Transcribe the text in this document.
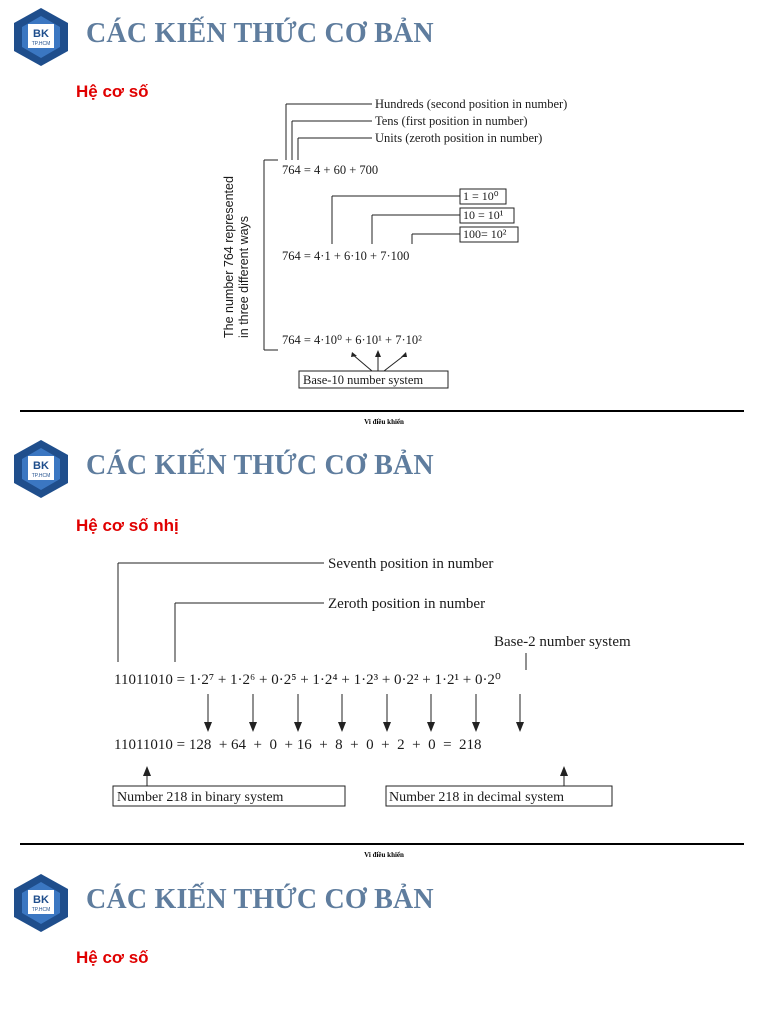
BK
TP.HCM CÁC KIẾN THỨC CƠ BẢN
Hệ cơ số
Hundreds (second position in number)
Tens (first position in number)
Units (zeroth position in number)
The number 764 represented in three different ways
764 = 4 + 60 + 700
1 = 10⁰
10 = 10¹
100= 10²
764 = 4·1 + 6·10 + 7·100
764 = 4·10⁰ + 6·10¹ + 7·10²
Base-10 number system
Vi điều khiển
BK
TP.HCM CÁC KIẾN THỨC CƠ BẢN
Hệ cơ số nhị
Seventh position in number
Zeroth position in number
Base-2 number system
11011010 = 1·2⁷ + 1·2⁶ + 0·2⁵ + 1·2⁴ + 1·2³ + 0·2² + 1·2¹ + 0·2⁰
11011010 = 128  + 64  +  0  + 16  +  8  +  0  +  2  +  0  =  218
Number 218 in binary system	Number 218 in decimal system
Vi điều khiển
BK
TP.HCM CÁC KIẾN THỨC CƠ BẢN
Hệ cơ số
